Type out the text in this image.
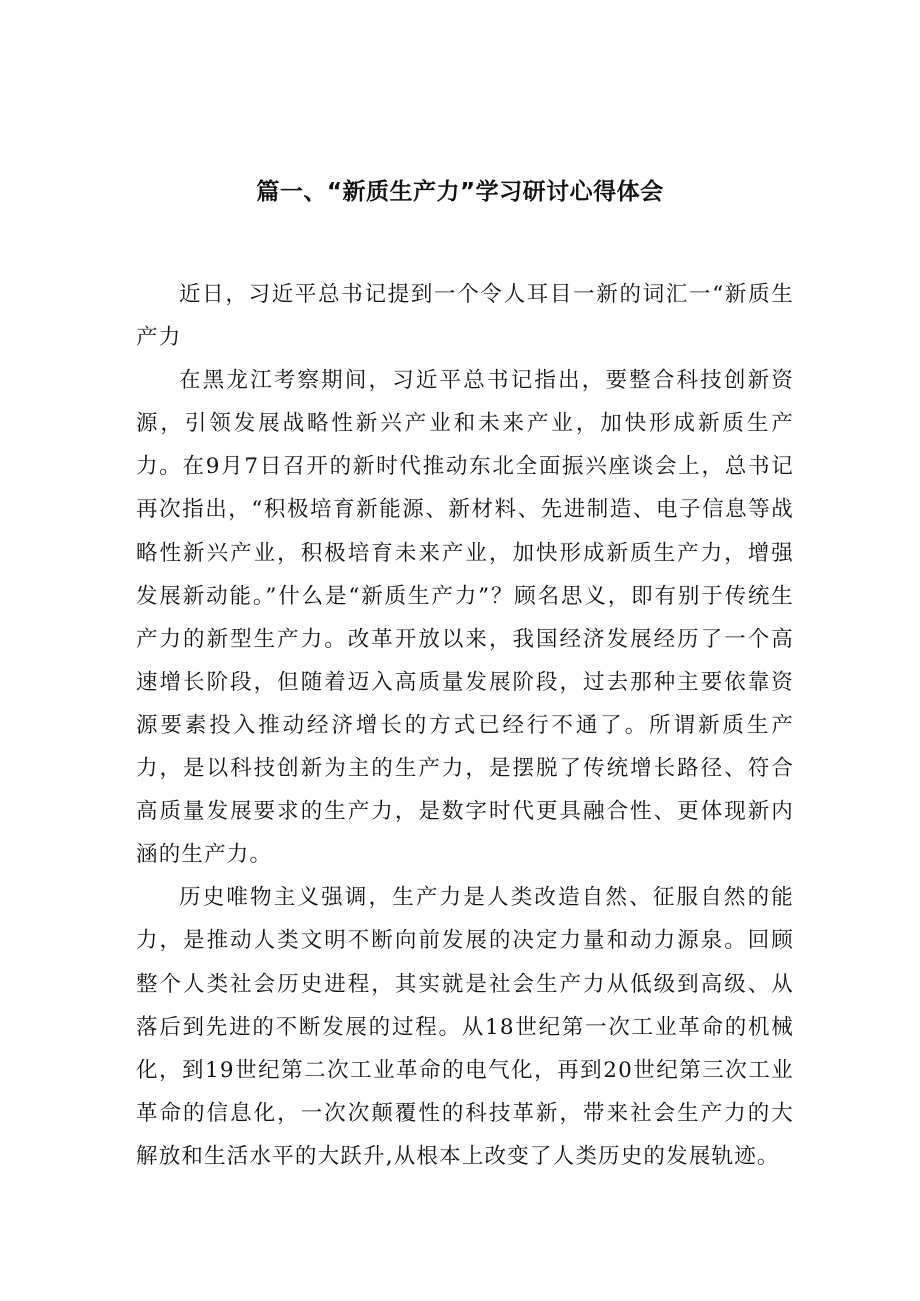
篇一、“新质生产力”学习研讨心得体会

近日，习近平总书记提到一个令人耳目一新的词汇一“新质生产力

在黑龙江考察期间，习近平总书记指出，要整合科技创新资源，引领发展战略性新兴产业和未来产业，加快形成新质生产力。在9月7日召开的新时代推动东北全面振兴座谈会上，总书记再次指出，“积极培育新能源、新材料、先进制造、电子信息等战略性新兴产业，积极培育未来产业，加快形成新质生产力，增强发展新动能。”什么是“新质生产力”？顾名思义，即有别于传统生产力的新型生产力。改革开放以来，我国经济发展经历了一个高速增长阶段，但随着迈入高质量发展阶段，过去那种主要依靠资源要素投入推动经济增长的方式已经行不通了。所谓新质生产力，是以科技创新为主的生产力，是摆脱了传统增长路径、符合高质量发展要求的生产力，是数字时代更具融合性、更体现新内涵的生产力。

历史唯物主义强调，生产力是人类改造自然、征服自然的能力，是推动人类文明不断向前发展的决定力量和动力源泉。回顾整个人类社会历史进程，其实就是社会生产力从低级到高级、从落后到先进的不断发展的过程。从18世纪第一次工业革命的机械化，到19世纪第二次工业革命的电气化，再到20世纪第三次工业革命的信息化，一次次颠覆性的科技革新，带来社会生产力的大解放和生活水平的大跃升,从根本上改变了人类历史的发展轨迹。
